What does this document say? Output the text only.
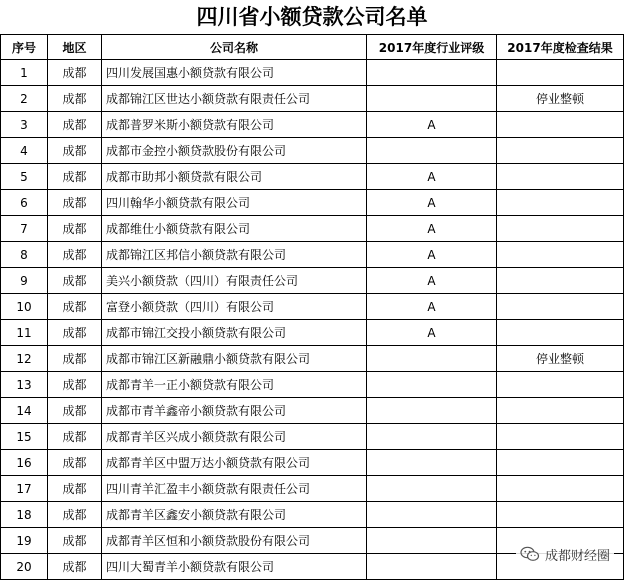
四川省小额贷款公司名单
序号	地区	公司名称	2017年度行业评级	2017年度检查结果
1	成都	四川发展国惠小额贷款有限公司		
2	成都	成都锦江区世达小额贷款有限责任公司		停业整顿
3	成都	成都普罗米斯小额贷款有限公司	A	
4	成都	成都市金控小额贷款股份有限公司		
5	成都	成都市助邦小额贷款有限公司	A	
6	成都	四川翰华小额贷款有限公司	A	
7	成都	成都维仕小额贷款有限公司	A	
8	成都	成都锦江区邦信小额贷款有限公司	A	
9	成都	美兴小额贷款（四川）有限责任公司	A	
10	成都	富登小额贷款（四川）有限公司	A	
11	成都	成都市锦江交投小额贷款有限公司	A	
12	成都	成都市锦江区新融鼎小额贷款有限公司		停业整顿
13	成都	成都青羊一正小额贷款有限公司		
14	成都	成都市青羊鑫帝小额贷款有限公司		
15	成都	成都青羊区兴成小额贷款有限公司		
16	成都	成都青羊区中盟万达小额贷款有限公司		
17	成都	四川青羊汇盈丰小额贷款有限责任公司		
18	成都	成都青羊区鑫安小额贷款有限公司		
19	成都	成都青羊区恒和小额贷款股份有限公司		
20	成都	四川大蜀青羊小额贷款有限公司		
成都财经圈
